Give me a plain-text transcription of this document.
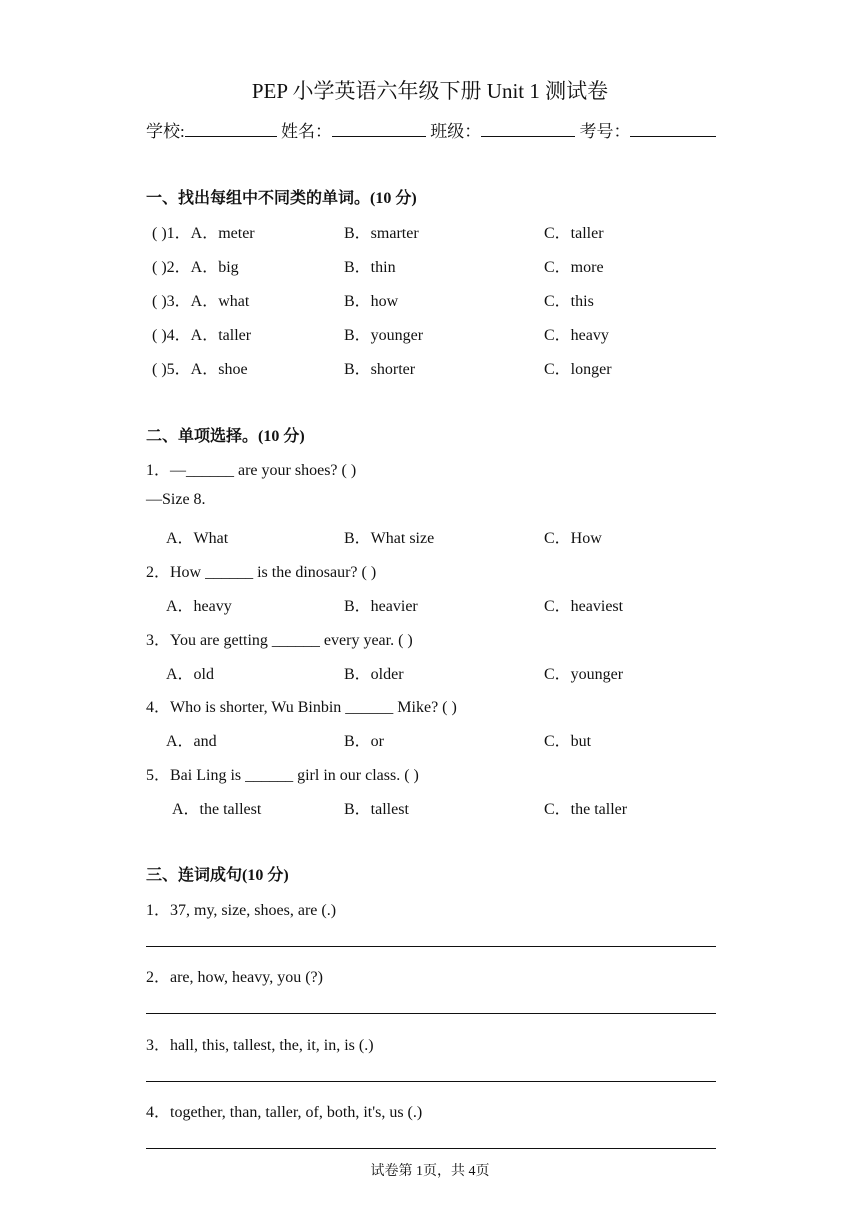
PEP 小学英语六年级下册 Unit 1 测试卷
学校:	姓名：	班级：	考号：
一、找出每组中不同类的单词。(10 分)
( )1．A．meter	B．smarter	C．taller
( )2．A．big	B．thin	C．more
( )3．A．what	B．how	C．this
( )4．A．taller	B．younger	C．heavy
( )5．A．shoe	B．shorter	C．longer
二、单项选择。(10 分)
1．—______ are your shoes? ( )
—Size 8.
A．What	B．What size	C．How
2．How ______ is the dinosaur? ( )
A．heavy	B．heavier	C．heaviest
3．You are getting ______ every year. ( )
A．old	B．older	C．younger
4．Who is shorter, Wu Binbin ______ Mike? ( )
A．and	B．or	C．but
5．Bai Ling is ______ girl in our class. ( )
A．the tallest	B．tallest	C．the taller
三、连词成句(10 分)
1．37, my, size, shoes, are (.)
2．are, how, heavy, you (?)
3．hall, this, tallest, the, it, in, is (.)
4．together, than, taller, of, both, it's, us (.)
试卷第 1页，共 4页
